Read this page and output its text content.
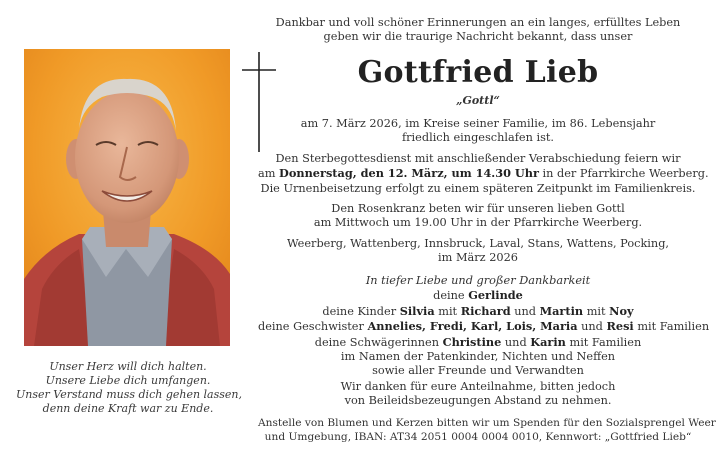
Unser Herz will dich halten.
Unsere Liebe dich umfangen.
Unser Verstand muss dich gehen lassen,
denn deine Kraft war zu Ende.
Dankbar und voll schöner Erinnerungen an ein langes, erfülltes Leben
geben wir die traurige Nachricht bekannt, dass unser
Gottfried Lieb
„Gottl“
am 7. März 2026, im Kreise seiner Familie, im 86. Lebensjahr
friedlich eingeschlafen ist.
Den Sterbegottesdienst mit anschließender Verabschiedung feiern wir
am Donnerstag, den 12. März, um 14.30 Uhr in der Pfarrkirche Weerberg.
Die Urnenbeisetzung erfolgt zu einem späteren Zeitpunkt im Familienkreis.
Den Rosenkranz beten wir für unseren lieben Gottl
am Mittwoch um 19.00 Uhr in der Pfarrkirche Weerberg.
Weerberg, Wattenberg, Innsbruck, Laval, Stans, Wattens, Pocking,
im März 2026
In tiefer Liebe und großer Dankbarkeit
deine Gerlinde
deine Kinder Silvia mit Richard und Martin mit Noy
deine Geschwister Annelies, Fredi, Karl, Lois, Maria und Resi mit Familien
deine Schwägerinnen Christine und Karin mit Familien
im Namen der Patenkinder, Nichten und Neffen
sowie aller Freunde und Verwandten
Wir danken für eure Anteilnahme, bitten jedoch
von Beileidsbezeugungen Abstand zu nehmen.
Anstelle von Blumen und Kerzen bitten wir um Spenden für den Sozialsprengel Weer
und Umgebung, IBAN: AT34 2051 0004 0004 0010, Kennwort: „Gottfried Lieb“
